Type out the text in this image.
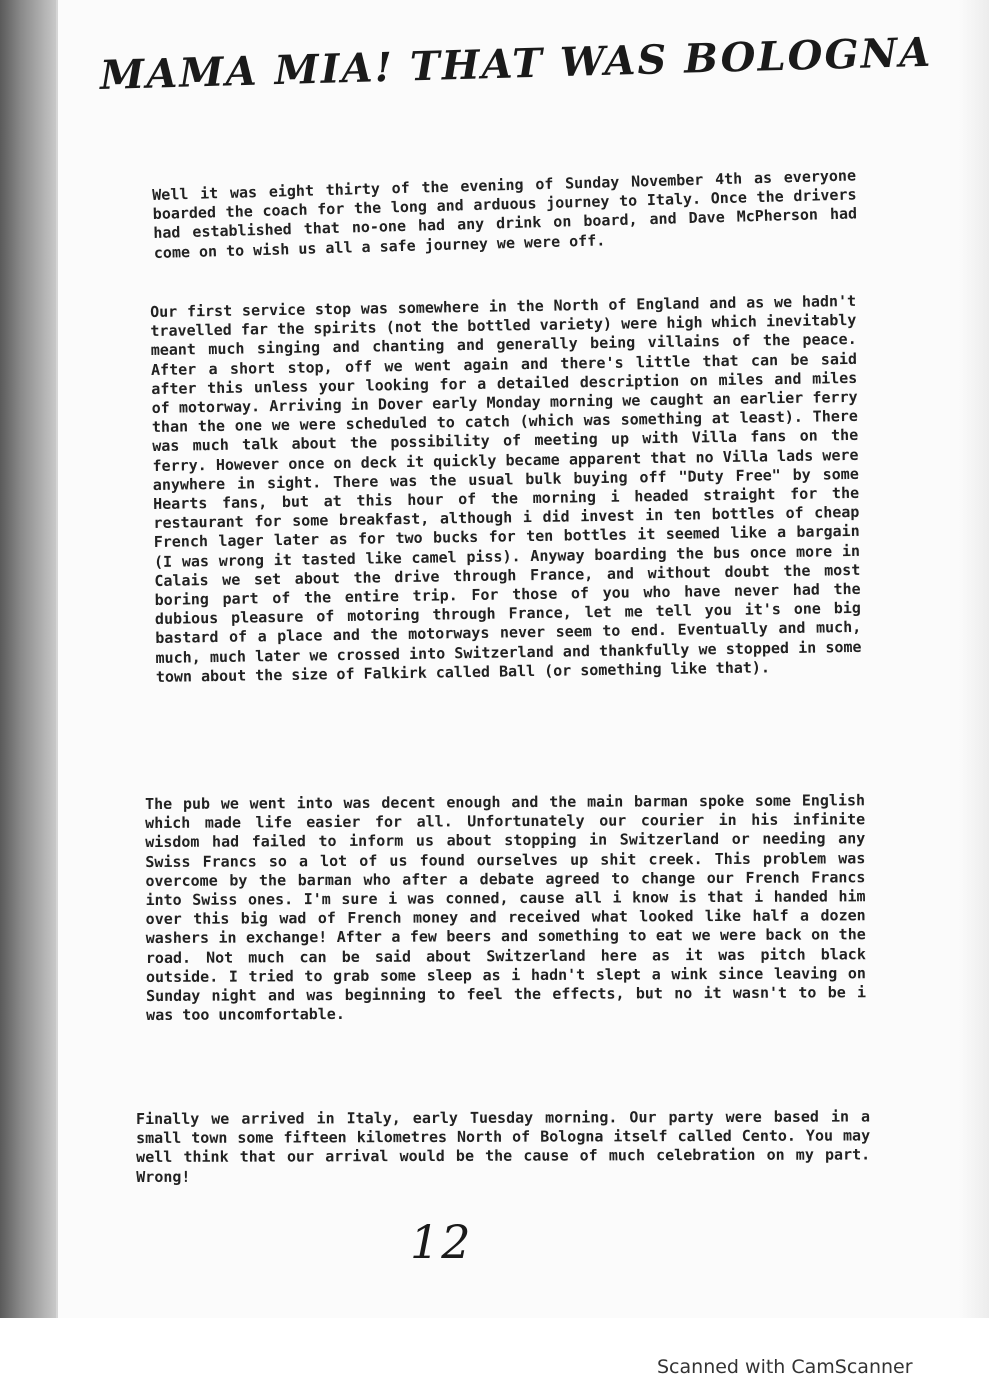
MAMA MIA! THAT WAS BOLOGNA

Well it was eight thirty of the evening of Sunday November 4th as everyone boarded the coach for the long and arduous journey to Italy. Once the drivers had established that no-one had any drink on board, and Dave McPherson had come on to wish us all a safe journey we were off.

Our first service stop was somewhere in the North of England and as we hadn't travelled far the spirits (not the bottled variety) were high which inevitably meant much singing and chanting and generally being villains of the peace. After a short stop, off we went again and there's little that can be said after this unless your looking for a detailed description on miles and miles of motorway. Arriving in Dover early Monday morning we caught an earlier ferry than the one we were scheduled to catch (which was something at least). There was much talk about the possibility of meeting up with Villa fans on the ferry. However once on deck it quickly became apparent that no Villa lads were anywhere in sight. There was the usual bulk buying off "Duty Free" by some Hearts fans, but at this hour of the morning i headed straight for the restaurant for some breakfast, although i did invest in ten bottles of cheap French lager later as for two bucks for ten bottles it seemed like a bargain (I was wrong it tasted like camel piss). Anyway boarding the bus once more in Calais we set about the drive through France, and without doubt the most boring part of the entire trip. For those of you who have never had the dubious pleasure of motoring through France, let me tell you it's one big bastard of a place and the motorways never seem to end. Eventually and much, much, much later we crossed into Switzerland and thankfully we stopped in some town about the size of Falkirk called Ball (or something like that).

The pub we went into was decent enough and the main barman spoke some English which made life easier for all. Unfortunately our courier in his infinite wisdom had failed to inform us about stopping in Switzerland or needing any Swiss Francs so a lot of us found ourselves up shit creek. This problem was overcome by the barman who after a debate agreed to change our French Francs into Swiss ones. I'm sure i was conned, cause all i know is that i handed him over this big wad of French money and received what looked like half a dozen washers in exchange! After a few beers and something to eat we were back on the road. Not much can be said about Switzerland here as it was pitch black outside. I tried to grab some sleep as i hadn't slept a wink since leaving on Sunday night and was beginning to feel the effects, but no it wasn't to be i was too uncomfortable.

Finally we arrived in Italy, early Tuesday morning. Our party were based in a small town some fifteen kilometres North of Bologna itself called Cento. You may well think that our arrival would be the cause of much celebration on my part. Wrong!

12
Scanned with CamScanner
